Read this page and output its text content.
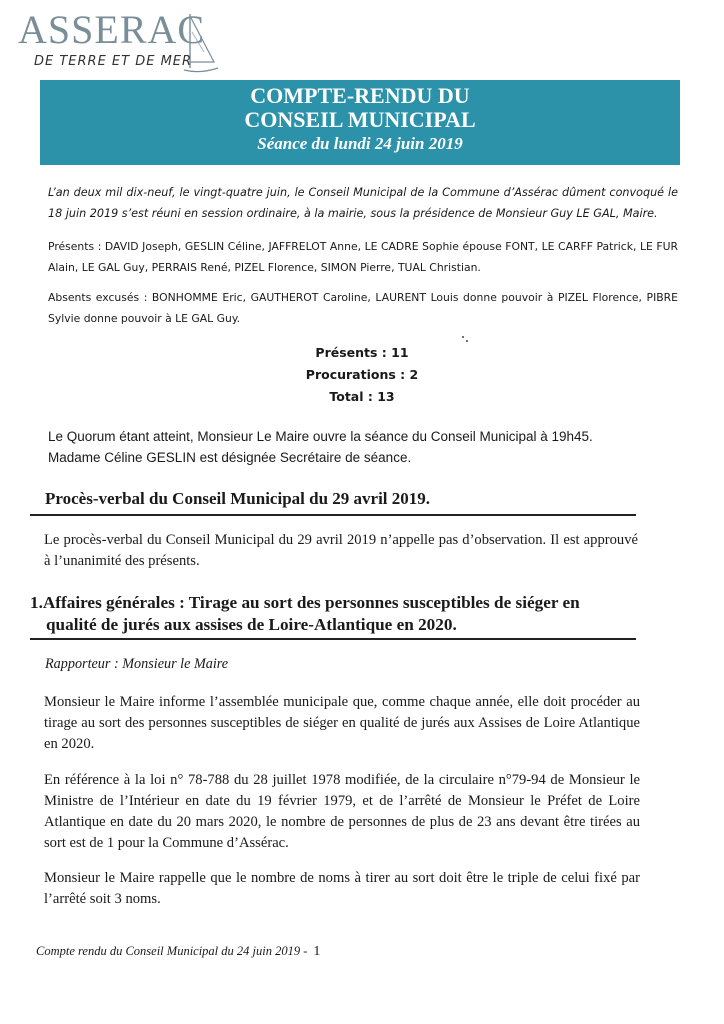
ASSERAC
DE TERRE ET DE MER
COMPTE-RENDU DU
CONSEIL MUNICIPAL
Séance du lundi 24 juin 2019
L’an deux mil dix-neuf, le vingt-quatre juin, le Conseil Municipal de la Commune d’Assérac dûment convoqué le 18 juin 2019 s’est réuni en session ordinaire, à la mairie, sous la présidence de Monsieur Guy LE GAL, Maire.
Présents : DAVID Joseph, GESLIN Céline, JAFFRELOT Anne, LE CADRE Sophie épouse FONT, LE CARFF Patrick, LE FUR Alain, LE GAL Guy, PERRAIS René, PIZEL Florence, SIMON Pierre, TUAL Christian.
Absents excusés : BONHOMME Eric, GAUTHEROT Caroline, LAURENT Louis donne pouvoir à PIZEL Florence, PIBRE Sylvie donne pouvoir à LE GAL Guy.
Présents : 11
Procurations : 2
Total : 13
Le Quorum étant atteint, Monsieur Le Maire ouvre la séance du Conseil Municipal à 19h45.
Madame Céline GESLIN est désignée Secrétaire de séance.
Procès-verbal du Conseil Municipal du 29 avril 2019.
Le procès-verbal du Conseil Municipal du 29 avril 2019 n’appelle pas d’observation. Il est approuvé à l’unanimité des présents.
1.Affaires générales : Tirage au sort des personnes susceptibles de siéger en
qualité de jurés aux assises de Loire-Atlantique en 2020.
Rapporteur : Monsieur le Maire
Monsieur le Maire informe l’assemblée municipale que, comme chaque année, elle doit procéder au tirage au sort des personnes susceptibles de siéger en qualité de jurés aux Assises de Loire Atlantique en 2020.
En référence à la loi n° 78-788 du 28 juillet 1978 modifiée, de la circulaire n°79-94 de Monsieur le Ministre de l’Intérieur en date du 19 février 1979, et de l’arrêté de Monsieur le Préfet de Loire Atlantique en date du 20 mars 2020, le nombre de personnes de plus de 23 ans devant être tirées au sort est de 1 pour la Commune d’Assérac.
Monsieur le Maire rappelle que le nombre de noms à tirer au sort doit être le triple de celui fixé par l’arrêté soit 3 noms.
Compte rendu du Conseil Municipal du 24 juin 2019 - 1
